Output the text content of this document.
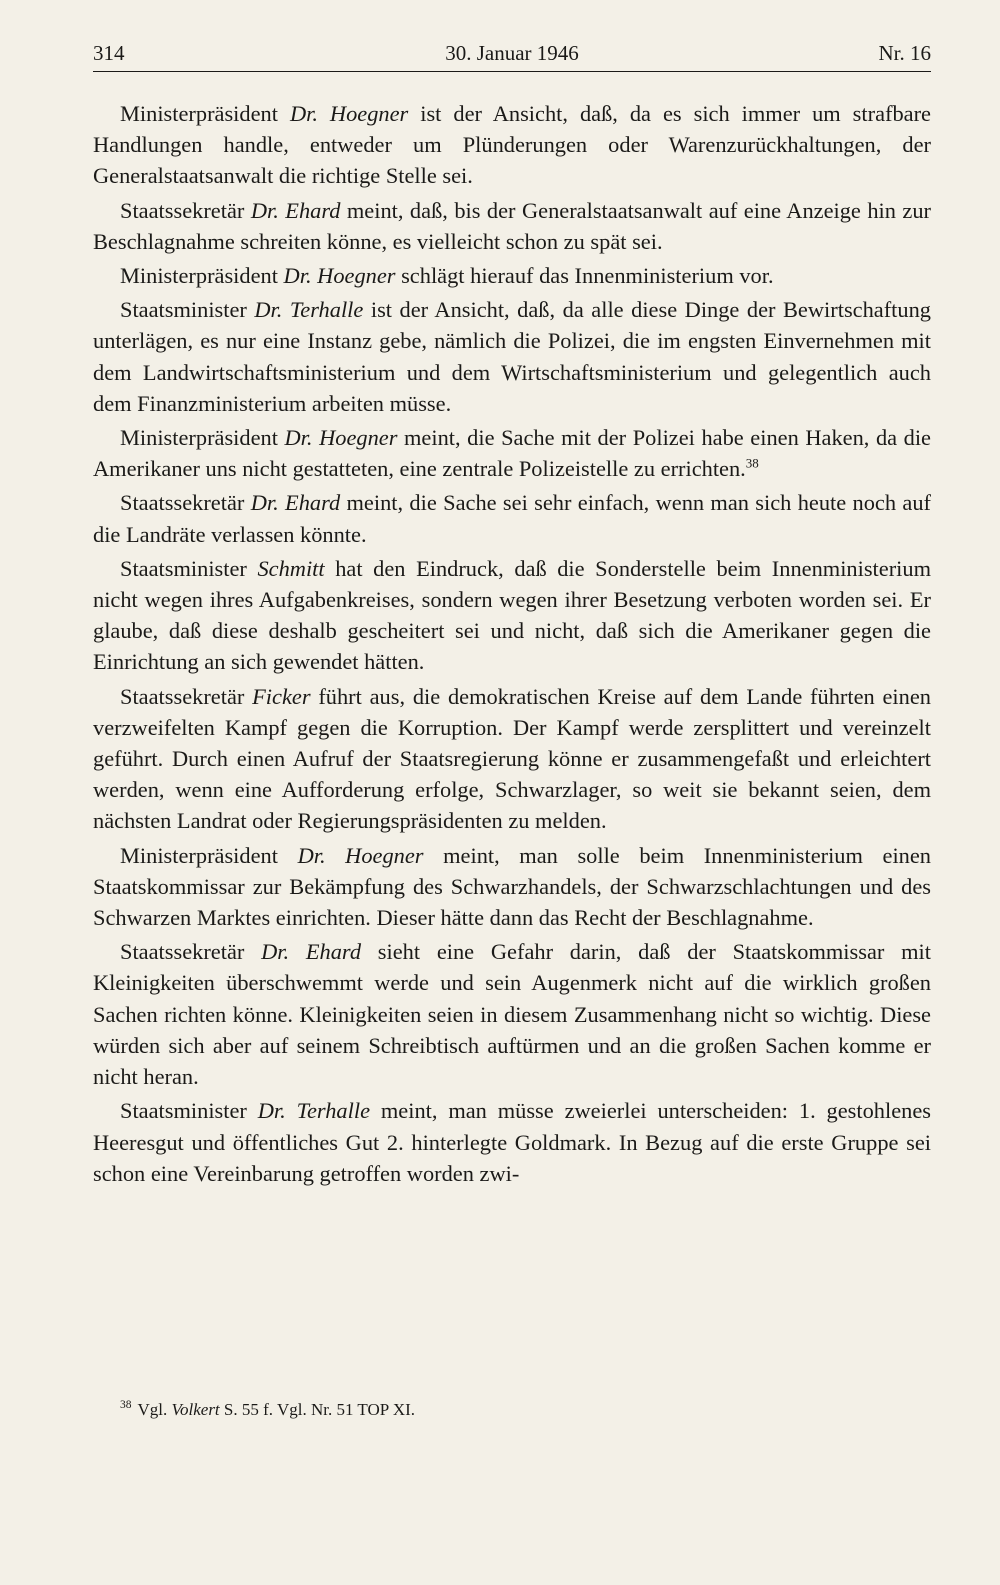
314	30. Januar 1946	Nr. 16

Ministerpräsident Dr. Hoegner ist der Ansicht, daß, da es sich immer um strafbare Handlungen handle, entweder um Plünderungen oder Warenzurückhaltungen, der Generalstaatsanwalt die richtige Stelle sei.

Staatssekretär Dr. Ehard meint, daß, bis der Generalstaatsanwalt auf eine Anzeige hin zur Beschlagnahme schreiten könne, es vielleicht schon zu spät sei.

Ministerpräsident Dr. Hoegner schlägt hierauf das Innenministerium vor.

Staatsminister Dr. Terhalle ist der Ansicht, daß, da alle diese Dinge der Bewirtschaftung unterlägen, es nur eine Instanz gebe, nämlich die Polizei, die im engsten Einvernehmen mit dem Landwirtschaftsministerium und dem Wirtschaftsministerium und gelegentlich auch dem Finanzministerium arbeiten müsse.

Ministerpräsident Dr. Hoegner meint, die Sache mit der Polizei habe einen Haken, da die Amerikaner uns nicht gestatteten, eine zentrale Polizeistelle zu errichten.$^{38}$

Staatssekretär Dr. Ehard meint, die Sache sei sehr einfach, wenn man sich heute noch auf die Landräte verlassen könnte.

Staatsminister Schmitt hat den Eindruck, daß die Sonderstelle beim Innenministerium nicht wegen ihres Aufgabenkreises, sondern wegen ihrer Besetzung verboten worden sei. Er glaube, daß diese deshalb gescheitert sei und nicht, daß sich die Amerikaner gegen die Einrichtung an sich gewendet hätten.

Staatssekretär Ficker führt aus, die demokratischen Kreise auf dem Lande führten einen verzweifelten Kampf gegen die Korruption. Der Kampf werde zersplittert und vereinzelt geführt. Durch einen Aufruf der Staatsregierung könne er zusammengefaßt und erleichtert werden, wenn eine Aufforderung erfolge, Schwarzlager, so weit sie bekannt seien, dem nächsten Landrat oder Regierungspräsidenten zu melden.

Ministerpräsident Dr. Hoegner meint, man solle beim Innenministerium einen Staatskommissar zur Bekämpfung des Schwarzhandels, der Schwarzschlachtungen und des Schwarzen Marktes einrichten. Dieser hätte dann das Recht der Beschlagnahme.

Staatssekretär Dr. Ehard sieht eine Gefahr darin, daß der Staatskommissar mit Kleinigkeiten überschwemmt werde und sein Augenmerk nicht auf die wirklich großen Sachen richten könne. Kleinigkeiten seien in diesem Zusammenhang nicht so wichtig. Diese würden sich aber auf seinem Schreibtisch auftürmen und an die großen Sachen komme er nicht heran.

Staatsminister Dr. Terhalle meint, man müsse zweierlei unterscheiden: 1. gestohlenes Heeresgut und öffentliches Gut 2. hinterlegte Goldmark. In Bezug auf die erste Gruppe sei schon eine Vereinbarung getroffen worden zwi-

$^{38}$ Vgl. Volkert S. 55 f. Vgl. Nr. 51 TOP XI.
